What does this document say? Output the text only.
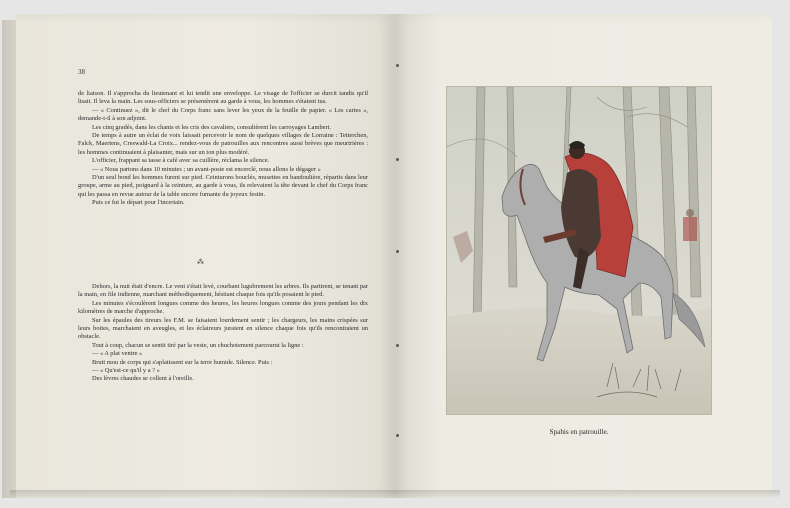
38

de liaison. Il s'approcha du lieutenant et lui tendit une enveloppe. Le visage de l'officier se durcit tandis qu'il lisait. Il leva la main. Les sous-officiers se présentèrent au garde à vous, les hommes s'étaient tus.

— « Continuez », dit le chef du Corps franc sans lever les yeux de la feuille de papier. « Les cartes », demande-t-il à son adjoint.

Les cinq gradés, dans les chants et les cris des cavaliers, consultèrent les carroyages Lambert.

De temps à autre un éclat de voix laissait percevoir le nom de quelques villages de Lorraine : Tetterchen, Falck, Maertens, Creswald-La Croix... rendez-vous de patrouilles aux rencontres aussi brèves que meurtrières : les hommes continuaient à plaisanter, mais sur un ton plus modéré.

L'officier, frappant sa tasse à café avec sa cuillère, réclama le silence.

— « Nous partons dans 10 minutes ; un avant-poste est encerclé, nous allons le dégager »

D'un seul bond les hommes furent sur pied. Ceinturons bouclés, musettes en bandoulière, répartis dans leur groupe, arme au pied, poignard à la ceinture, au garde à vous, ils relevaient la tête devant le chef du Corps franc qui les passa en revue autour de la table encore fumante du joyeux festin.

Puis ce fut le départ pour l'incertain.

⁂

Dehors, la nuit était d'encre. Le vent s'était levé, courbant lugubrement les arbres. Ils partirent, se tenant par la main, en file indienne, marchant méthodiquement, hésitant chaque fois qu'ils posaient le pied.

Les minutes s'écoulèrent longues comme des heures, les heures longues comme des jours pendant les dix kilomètres de marche d'approche.

Sur les épaules des tireurs les F.M. se faisaient lourdement sentir ; les chargeurs, les mains crispées sur leurs boites, marchaient en aveugles, et les éclaireurs juraient en silence chaque fois qu'ils rencontraient un obstacle.

Tout à coup, chacun se sentit tiré par la veste, un chuchotement parcourut la ligne :

— « A plat ventre »

Bruit mou de corps qui s'aplatissent sur la terre humide. Silence. Puis :

— « Qu'est-ce qu'il y a ? »

Des lèvres chaudes se collent à l'oreille.

Spahis en patrouille.
